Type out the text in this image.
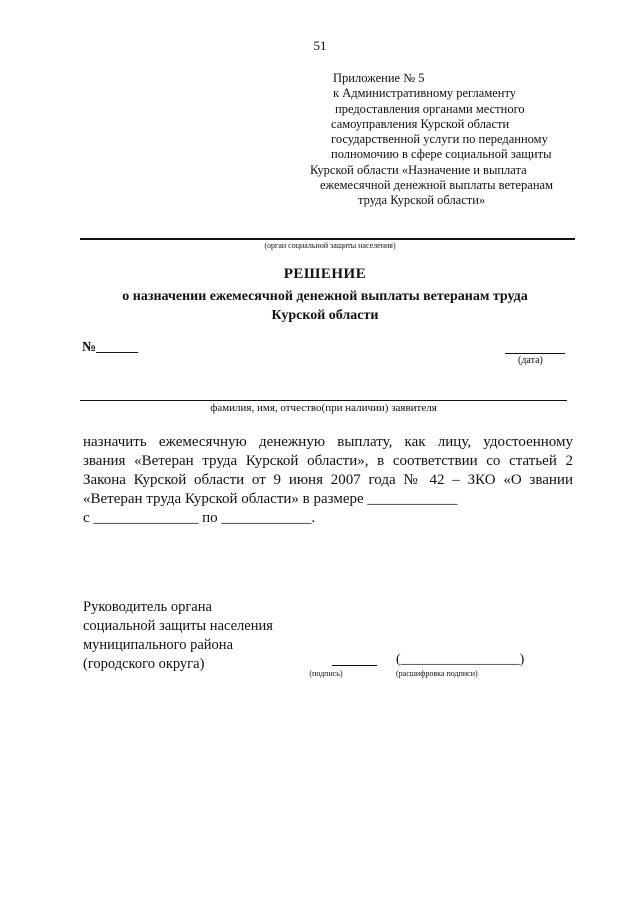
51
Приложение № 5
к Административному регламенту
предоставления органами местного
самоуправления Курской области
государственной услуги по переданному
полномочию в сфере социальной защиты
Курской области «Назначение и выплата
ежемесячной денежной выплаты ветеранам
труда Курской области»
(орган социальной защиты населения)
РЕШЕНИЕ
о назначении ежемесячной денежной выплаты ветеранам труда
Курской области
№______
(дата)
фамилия, имя, отчество(при наличии) заявителя
назначить ежемесячную денежную выплату, как лицу, удостоенному
звания «Ветеран труда Курской области», в соответствии со статьей 2
Закона Курской области от 9 июня 2007 года № 42 – ЗКО «О звании
«Ветеран труда Курской области» в размере ____________
с ______________ по ____________.
Руководитель органа
социальной защиты населения
муниципального района
(городского округа)
(подпись)
(_________________)
(расшифровка подписи)
